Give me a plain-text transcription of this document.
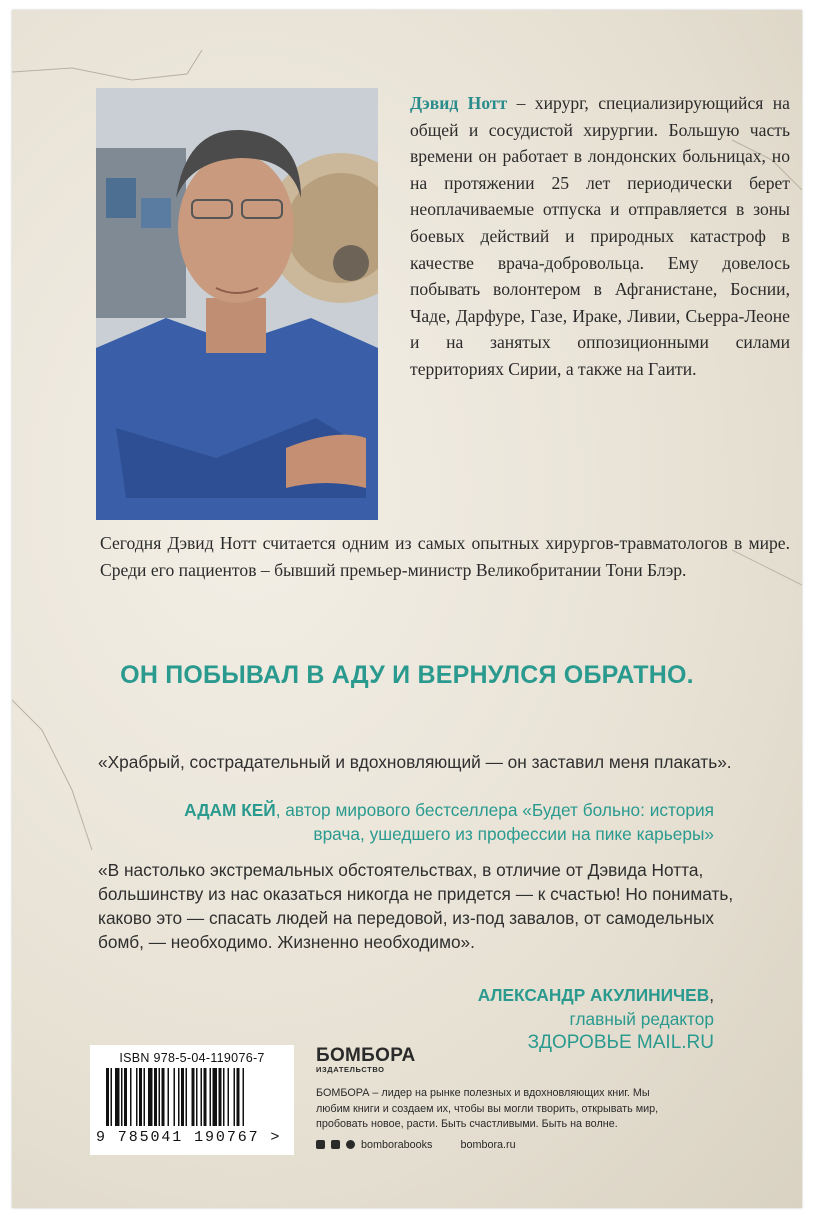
Дэвид Нотт – хирург, специализирующийся на общей и сосудистой хирургии. Большую часть времени он работает в лондонских больницах, но на протяжении 25 лет периодически берет неоплачиваемые отпуска и отправляется в зоны боевых действий и природных катастроф в качестве врача-добровольца. Ему довелось побывать волонтером в Афганистане, Боснии, Чаде, Дарфуре, Газе, Ираке, Ливии, Сьерра-Леоне и на занятых оппозиционными силами территориях Сирии, а также на Гаити.
Сегодня Дэвид Нотт считается одним из самых опытных хирургов-травматологов в мире. Среди его пациентов – бывший премьер-министр Великобритании Тони Блэр.
ОН ПОБЫВАЛ В АДУ И ВЕРНУЛСЯ ОБРАТНО.
«Храбрый, сострадательный и вдохновляющий — он заставил меня плакать».
АДАМ КЕЙ, автор мирового бестселлера «Будет больно: история врача, ушедшего из профессии на пике карьеры»
«В настолько экстремальных обстоятельствах, в отличие от Дэвида Нотта, большинству из нас оказаться никогда не придется — к счастью! Но понимать, каково это — спасать людей на передовой, из-под завалов, от самодельных бомб, — необходимо. Жизненно необходимо».
АЛЕКСАНДР АКУЛИНИЧЕВ,
главный редактор
ЗДОРОВЬЕ MAIL.RU
ISBN 978-5-04-119076-7
9 785041 190767 >
БОМБОРА
ИЗДАТЕЛЬСТВО
БОМБОРА – лидер на рынке полезных и вдохновляющих книг. Мы любим книги и создаем их, чтобы вы могли творить, открывать мир, пробовать новое, расти. Быть счастливыми. Быть на волне.
bomborabooks	bombora.ru
